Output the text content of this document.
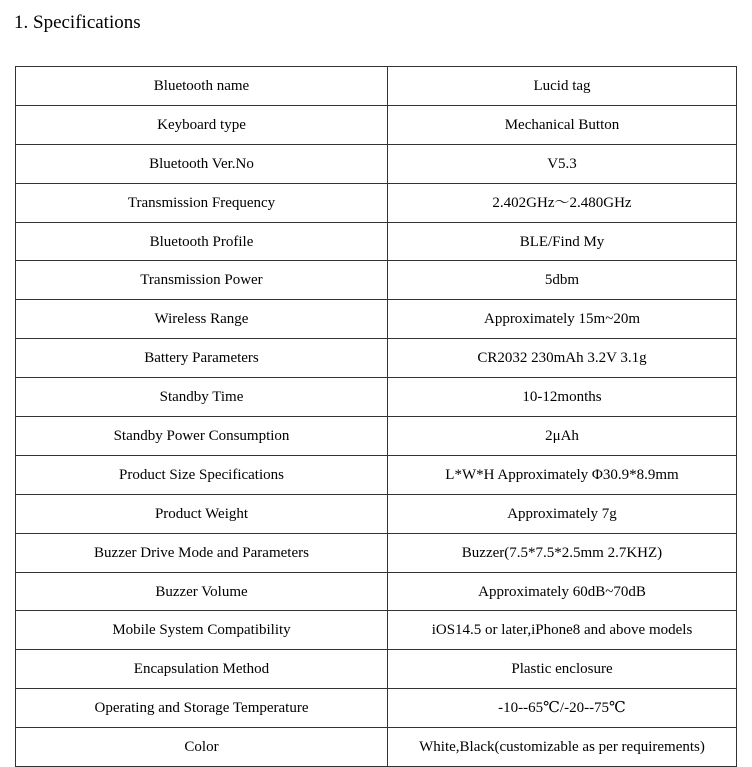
1. Specifications
Bluetooth name	Lucid tag
Keyboard type	Mechanical Button
Bluetooth Ver.No	V5.3
Transmission Frequency	2.402GHz～2.480GHz
Bluetooth Profile	BLE/Find My
Transmission Power	5dbm
Wireless Range	Approximately 15m~20m
Battery Parameters	CR2032 230mAh 3.2V 3.1g
Standby Time	10-12months
Standby Power Consumption	2μAh
Product Size Specifications	L*W*H Approximately Φ30.9*8.9mm
Product Weight	Approximately 7g
Buzzer Drive Mode and Parameters	Buzzer(7.5*7.5*2.5mm 2.7KHZ)
Buzzer Volume	Approximately 60dB~70dB
Mobile System Compatibility	iOS14.5 or later,iPhone8 and above models
Encapsulation Method	Plastic enclosure
Operating and Storage Temperature	-10--65℃/-20--75℃
Color	White,Black(customizable as per requirements)
